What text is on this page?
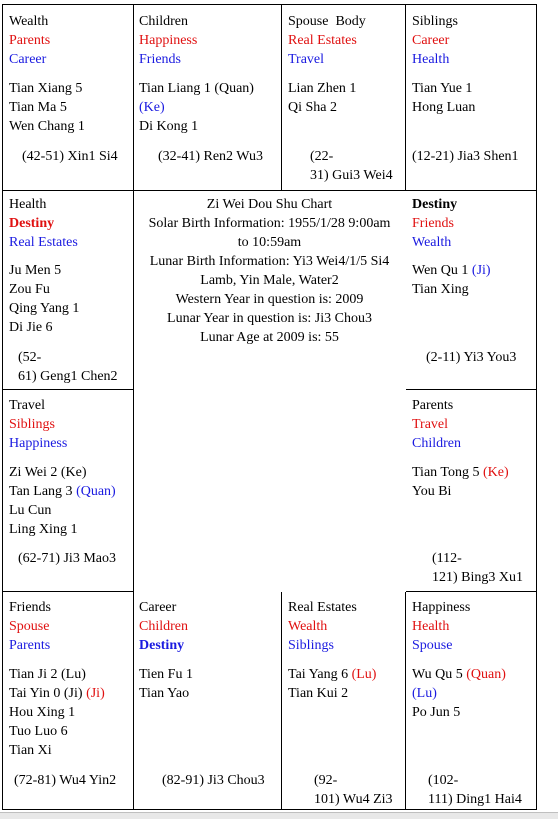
Wealth
Parents
Career
Tian Xiang 5
Tian Ma 5
Wen Chang 1
(42-51) Xin1 Si4
Children
Happiness
Friends
Tian Liang 1 (Quan)
(Ke)
Di Kong 1
(32-41) Ren2 Wu3
Spouse  Body
Real Estates
Travel
Lian Zhen 1
Qi Sha 2
(22-
31) Gui3 Wei4
Siblings
Career
Health
Tian Yue 1
Hong Luan
(12-21) Jia3 Shen1
Health
Destiny
Real Estates
Ju Men 5
Zou Fu
Qing Yang 1
Di Jie 6
(52-
61) Geng1 Chen2
Zi Wei Dou Shu Chart
Solar Birth Information: 1955/1/28 9:00am
to 10:59am
Lunar Birth Information: Yi3 Wei4/1/5 Si4
Lamb, Yin Male, Water2
Western Year in question is: 2009
Lunar Year in question is: Ji3 Chou3
Lunar Age at 2009 is: 55
Destiny
Friends
Wealth
Wen Qu 1 (Ji)
Tian Xing
(2-11) Yi3 You3
Travel
Siblings
Happiness
Zi Wei 2 (Ke)
Tan Lang 3 (Quan)
Lu Cun
Ling Xing 1
(62-71) Ji3 Mao3
Parents
Travel
Children
Tian Tong 5 (Ke)
You Bi
(112-
121) Bing3 Xu1
Friends
Spouse
Parents
Tian Ji 2 (Lu)
Tai Yin 0 (Ji) (Ji)
Hou Xing 1
Tuo Luo 6
Tian Xi
(72-81) Wu4 Yin2
Career
Children
Destiny
Tien Fu 1
Tian Yao
(82-91) Ji3 Chou3
Real Estates
Wealth
Siblings
Tai Yang 6 (Lu)
Tian Kui 2
(92-
101) Wu4 Zi3
Happiness
Health
Spouse
Wu Qu 5 (Quan)
(Lu)
Po Jun 5
(102-
111) Ding1 Hai4
